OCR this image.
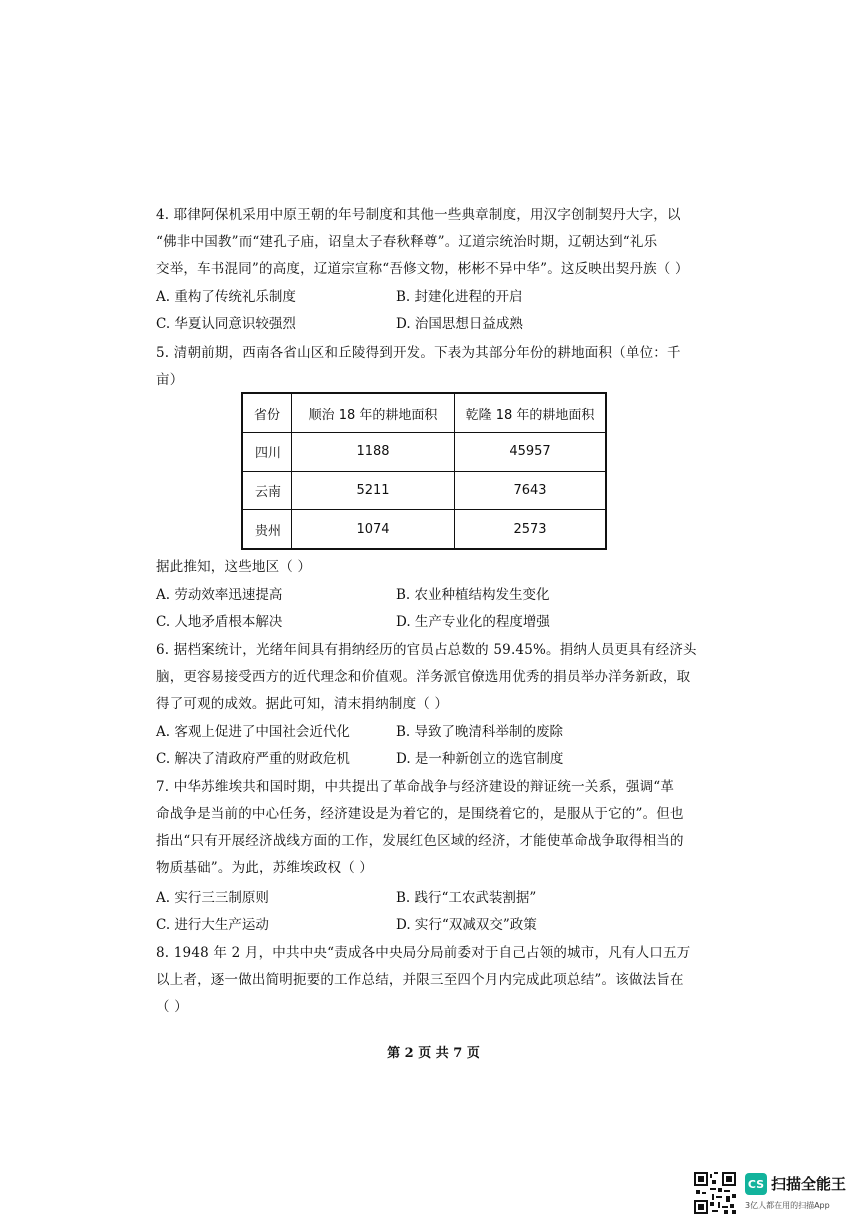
4. 耶律阿保机采用中原王朝的年号制度和其他一些典章制度，用汉字创制契丹大字，以
“佛非中国教”而“建孔子庙，诏皇太子春秋释尊”。辽道宗统治时期，辽朝达到“礼乐
交举，车书混同”的高度，辽道宗宣称“吾修文物，彬彬不异中华”。这反映出契丹族（ ）
A. 重构了传统礼乐制度	B. 封建化进程的开启
C. 华夏认同意识较强烈	D. 治国思想日益成熟
5. 清朝前期，西南各省山区和丘陵得到开发。下表为其部分年份的耕地面积（单位：千
亩）
省份	顺治 18 年的耕地面积	乾隆 18 年的耕地面积
四川	1188	45957
云南	5211	7643
贵州	1074	2573
据此推知，这些地区（ ）
A. 劳动效率迅速提高	B. 农业种植结构发生变化
C. 人地矛盾根本解决	D. 生产专业化的程度增强
6. 据档案统计，光绪年间具有捐纳经历的官员占总数的 59.45%。捐纳人员更具有经济头
脑，更容易接受西方的近代理念和价值观。洋务派官僚选用优秀的捐员举办洋务新政，取
得了可观的成效。据此可知，清末捐纳制度（ ）
A. 客观上促进了中国社会近代化	B. 导致了晚清科举制的废除
C. 解决了清政府严重的财政危机	D. 是一种新创立的选官制度
7. 中华苏维埃共和国时期，中共提出了革命战争与经济建设的辩证统一关系，强调“革
命战争是当前的中心任务，经济建设是为着它的，是围绕着它的，是服从于它的”。但也
指出“只有开展经济战线方面的工作，发展红色区域的经济，才能使革命战争取得相当的
物质基础”。为此，苏维埃政权（ ）
A. 实行三三制原则	B. 践行“工农武装割据”
C. 进行大生产运动	D. 实行“双减双交”政策
8. 1948 年 2 月，中共中央“责成各中央局分局前委对于自己占领的城市，凡有人口五万
以上者，逐一做出简明扼要的工作总结，并限三至四个月内完成此项总结”。该做法旨在
（ ）
第 2 页 共 7 页
CS 扫描全能王
3亿人都在用的扫描App
